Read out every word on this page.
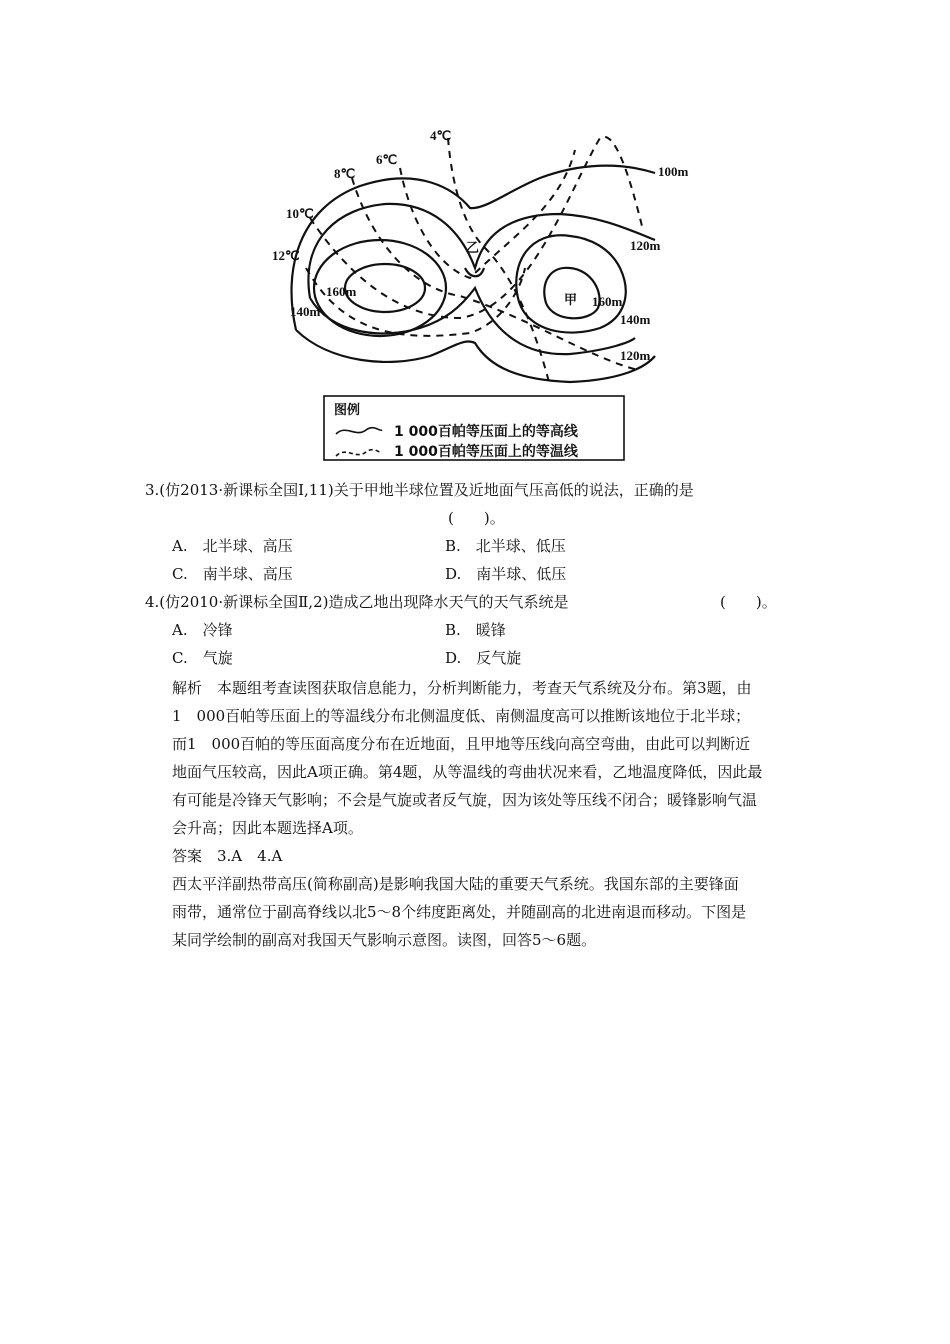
4℃
6℃
8℃
10℃
12℃
100m
120m
120m
140m
140m
160m
160m
甲
乙
图例
1 000百帕等压面上的等高线
1 000百帕等压面上的等温线
3.(仿2013·新课标全国Ⅰ,11)关于甲地半球位置及近地面气压高低的说法，正确的是
(　　)。
A.　北半球、高压	B.　北半球、低压
C.　南半球、高压	D.　南半球、低压
4.(仿2010·新课标全国Ⅱ,2)造成乙地出现降水天气的天气系统是	(　　)。
A.　冷锋	B.　暖锋
C.　气旋	D.　反气旋
解析　本题组考查读图获取信息能力，分析判断能力，考查天气系统及分布。第3题，由
1　000百帕等压面上的等温线分布北侧温度低、南侧温度高可以推断该地位于北半球；
而1　000百帕的等压面高度分布在近地面，且甲地等压线向高空弯曲，由此可以判断近
地面气压较高，因此A项正确。第4题，从等温线的弯曲状况来看，乙地温度降低，因此最
有可能是冷锋天气影响；不会是气旋或者反气旋，因为该处等压线不闭合；暖锋影响气温
会升高；因此本题选择A项。
答案　3.A　4.A
西太平洋副热带高压(简称副高)是影响我国大陆的重要天气系统。我国东部的主要锋面
雨带，通常位于副高脊线以北5～8个纬度距离处，并随副高的北进南退而移动。下图是
某同学绘制的副高对我国天气影响示意图。读图，回答5～6题。
